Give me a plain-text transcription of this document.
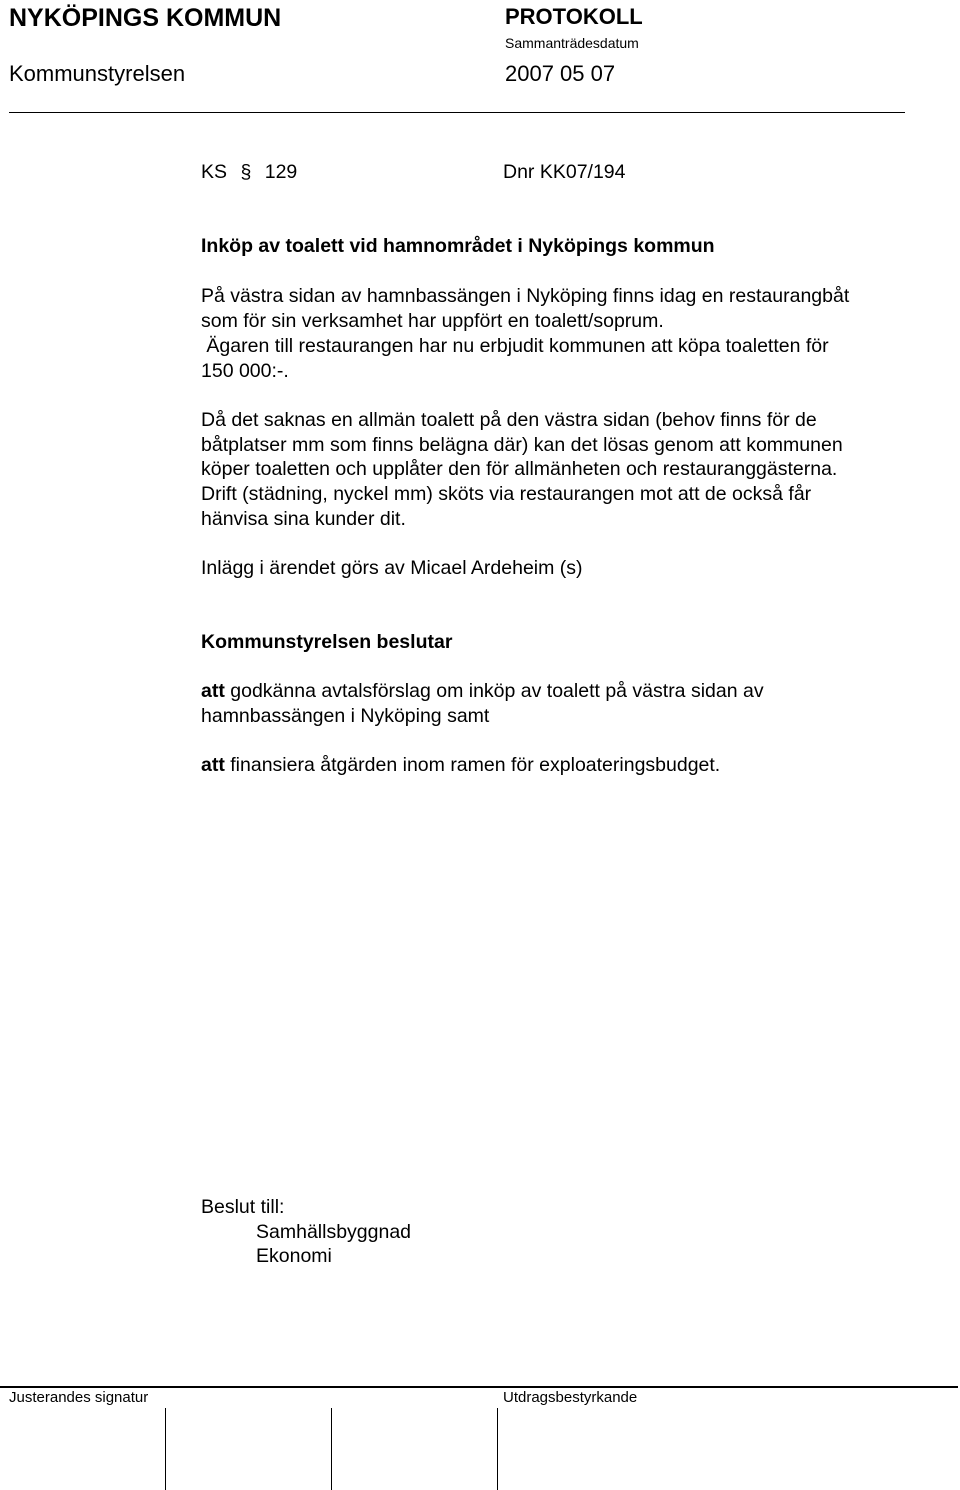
NYKÖPINGS KOMMUN	PROTOKOLL
Sammanträdesdatum
Kommunstyrelsen	2007 05 07
KS § 129	Dnr KK07/194

Inköp av toalett vid hamnområdet i Nyköpings kommun

På västra sidan av hamnbassängen i Nyköping finns idag en restaurangbåt

som för sin verksamhet har uppfört en toalett/soprum.

Ägaren till restaurangen har nu erbjudit kommunen att köpa toaletten för

150 000:-.

Då det saknas en allmän toalett på den västra sidan (behov finns för de

båtplatser mm som finns belägna där) kan det lösas genom att kommunen

köper toaletten och upplåter den för allmänheten och restauranggästerna.

Drift (städning, nyckel mm) sköts via restaurangen mot att de också får

hänvisa sina kunder dit.

Inlägg i ärendet görs av Micael Ardeheim (s)

Kommunstyrelsen beslutar

att godkänna avtalsförslag om inköp av toalett på västra sidan av

hamnbassängen i Nyköping samt

att finansiera åtgärden inom ramen för exploateringsbudget.

Beslut till:

Samhällsbyggnad

Ekonomi

Justerandes signatur	Utdragsbestyrkande
